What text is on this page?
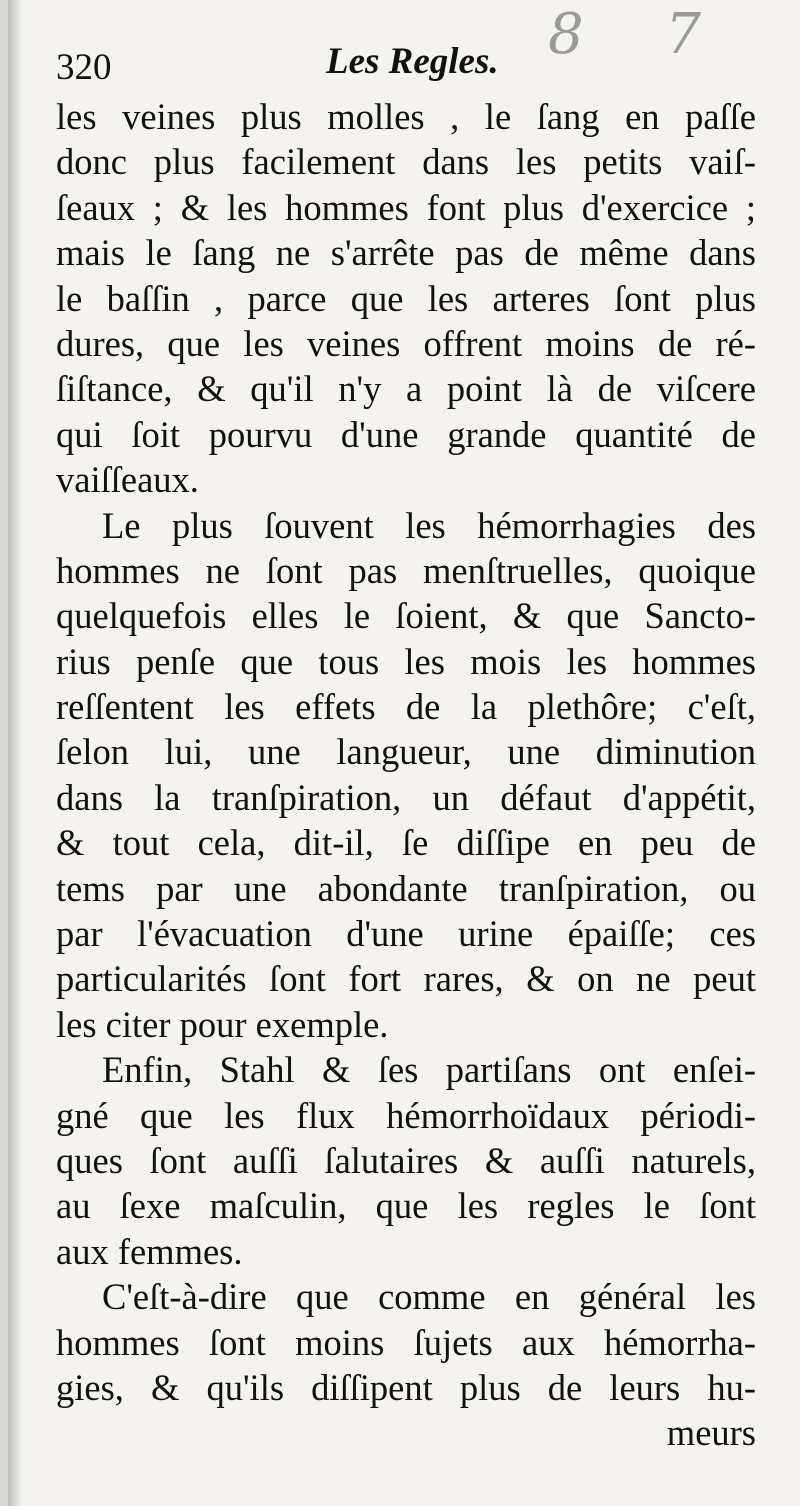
8 7
320	Les Regles.
les veines plus molles , le ſang en paſſe
donc plus facilement dans les petits vaiſ-
ſeaux ; & les hommes font plus d'exercice ;
mais le ſang ne s'arrête pas de même dans
le baſſin , parce que les arteres ſont plus
dures, que les veines offrent moins de ré-
ſiſtance, & qu'il n'y a point là de viſcere
qui ſoit pourvu d'une grande quantité de
vaiſſeaux.
Le plus ſouvent les hémorrhagies des
hommes ne ſont pas menſtruelles, quoique
quelquefois elles le ſoient, & que Sanctо-
rius penſe que tous les mois les hommes
reſſentent les effets de la plethôre; c'eſt,
ſelon lui, une langueur, une diminution
dans la tranſpiration, un défaut d'appétit,
& tout cela, dit-il, ſe diſſipe en peu de
tems par une abondante tranſpiration, ou
par l'évacuation d'une urine épaiſſe; ces
particularités ſont fort rares, & on ne peut
les citer pour exemple.
Enfin, Stahl & ſes partiſans ont enſei-
gné que les flux hémorrhoïdaux périodi-
ques ſont auſſi ſalutaires & auſſi naturels,
au ſexe maſculin, que les regles le ſont
aux femmes.
C'eſt-à-dire que comme en général les
hommes ſont moins ſujets aux hémorrha-
gies, & qu'ils diſſipent plus de leurs hu-
meurs
